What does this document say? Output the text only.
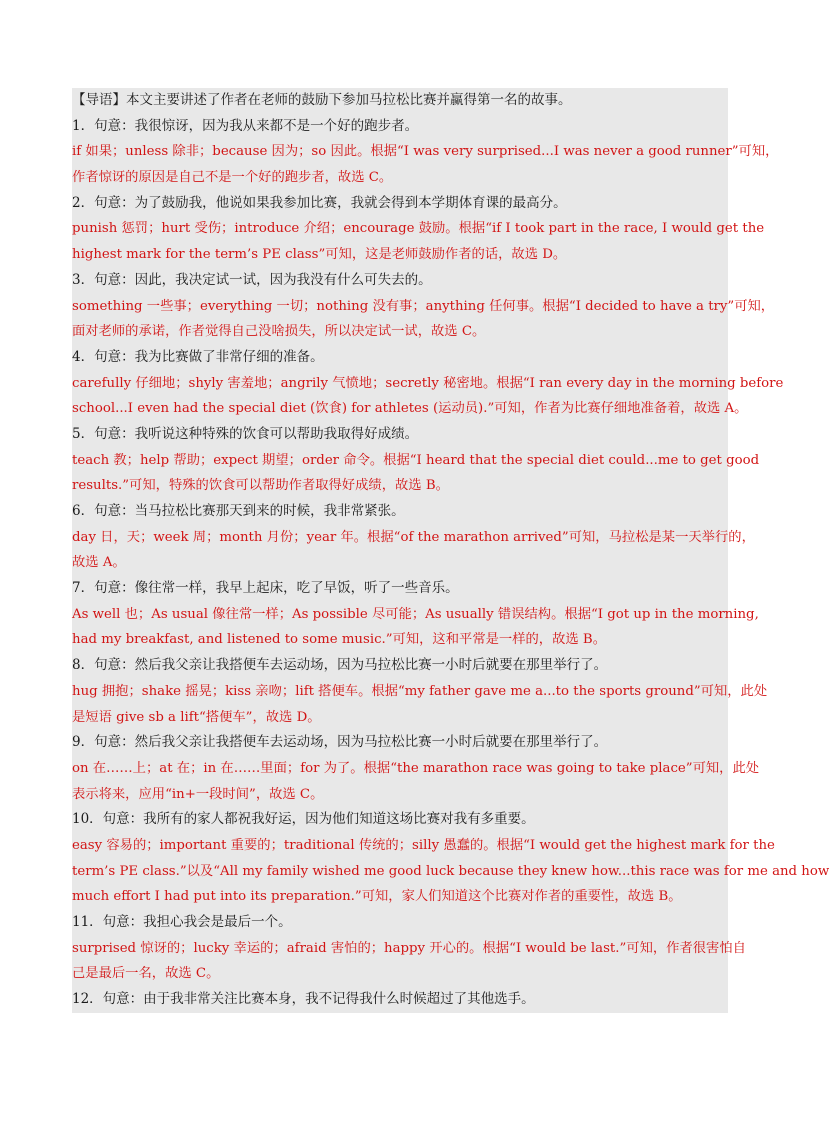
【导语】本文主要讲述了作者在老师的鼓励下参加马拉松比赛并赢得第一名的故事。
1．句意：我很惊讶，因为我从来都不是一个好的跑步者。
if 如果；unless 除非；because 因为；so 因此。根据“I was very surprised...I was never a good runner”可知，
作者惊讶的原因是自己不是一个好的跑步者，故选 C。
2．句意：为了鼓励我，他说如果我参加比赛，我就会得到本学期体育课的最高分。
punish 惩罚；hurt 受伤；introduce 介绍；encourage 鼓励。根据“if I took part in the race, I would get the
highest mark for the term’s PE class”可知，这是老师鼓励作者的话，故选 D。
3．句意：因此，我决定试一试，因为我没有什么可失去的。
something 一些事；everything 一切；nothing 没有事；anything 任何事。根据“I decided to have a try”可知，
面对老师的承诺，作者觉得自己没啥损失，所以决定试一试，故选 C。
4．句意：我为比赛做了非常仔细的准备。
carefully 仔细地；shyly 害羞地；angrily 气愤地；secretly 秘密地。根据“I ran every day in the morning before
school...I even had the special diet (饮食) for athletes (运动员).”可知，作者为比赛仔细地准备着，故选 A。
5．句意：我听说这种特殊的饮食可以帮助我取得好成绩。
teach 教；help 帮助；expect 期望；order 命令。根据“I heard that the special diet could...me to get good
results.”可知，特殊的饮食可以帮助作者取得好成绩，故选 B。
6．句意：当马拉松比赛那天到来的时候，我非常紧张。
day 日，天；week 周；month 月份；year 年。根据“of the marathon arrived”可知，马拉松是某一天举行的，
故选 A。
7．句意：像往常一样，我早上起床，吃了早饭，听了一些音乐。
As well 也；As usual 像往常一样；As possible 尽可能；As usually 错误结构。根据“I got up in the morning,
had my breakfast, and listened to some music.”可知，这和平常是一样的，故选 B。
8．句意：然后我父亲让我搭便车去运动场，因为马拉松比赛一小时后就要在那里举行了。
hug 拥抱；shake 摇晃；kiss 亲吻；lift 搭便车。根据“my father gave me a...to the sports ground”可知，此处
是短语 give sb a lift“搭便车”，故选 D。
9．句意：然后我父亲让我搭便车去运动场，因为马拉松比赛一小时后就要在那里举行了。
on 在……上；at 在；in 在……里面；for 为了。根据“the marathon race was going to take place”可知，此处
表示将来，应用“in+一段时间”，故选 C。
10．句意：我所有的家人都祝我好运，因为他们知道这场比赛对我有多重要。
easy 容易的；important 重要的；traditional 传统的；silly 愚蠢的。根据“I would get the highest mark for the
term’s PE class.”以及“All my family wished me good luck because they knew how...this race was for me and how
much effort I had put into its preparation.”可知，家人们知道这个比赛对作者的重要性，故选 B。
11．句意：我担心我会是最后一个。
surprised 惊讶的；lucky 幸运的；afraid 害怕的；happy 开心的。根据“I would be last.”可知，作者很害怕自
己是最后一名，故选 C。
12．句意：由于我非常关注比赛本身，我不记得我什么时候超过了其他选手。
